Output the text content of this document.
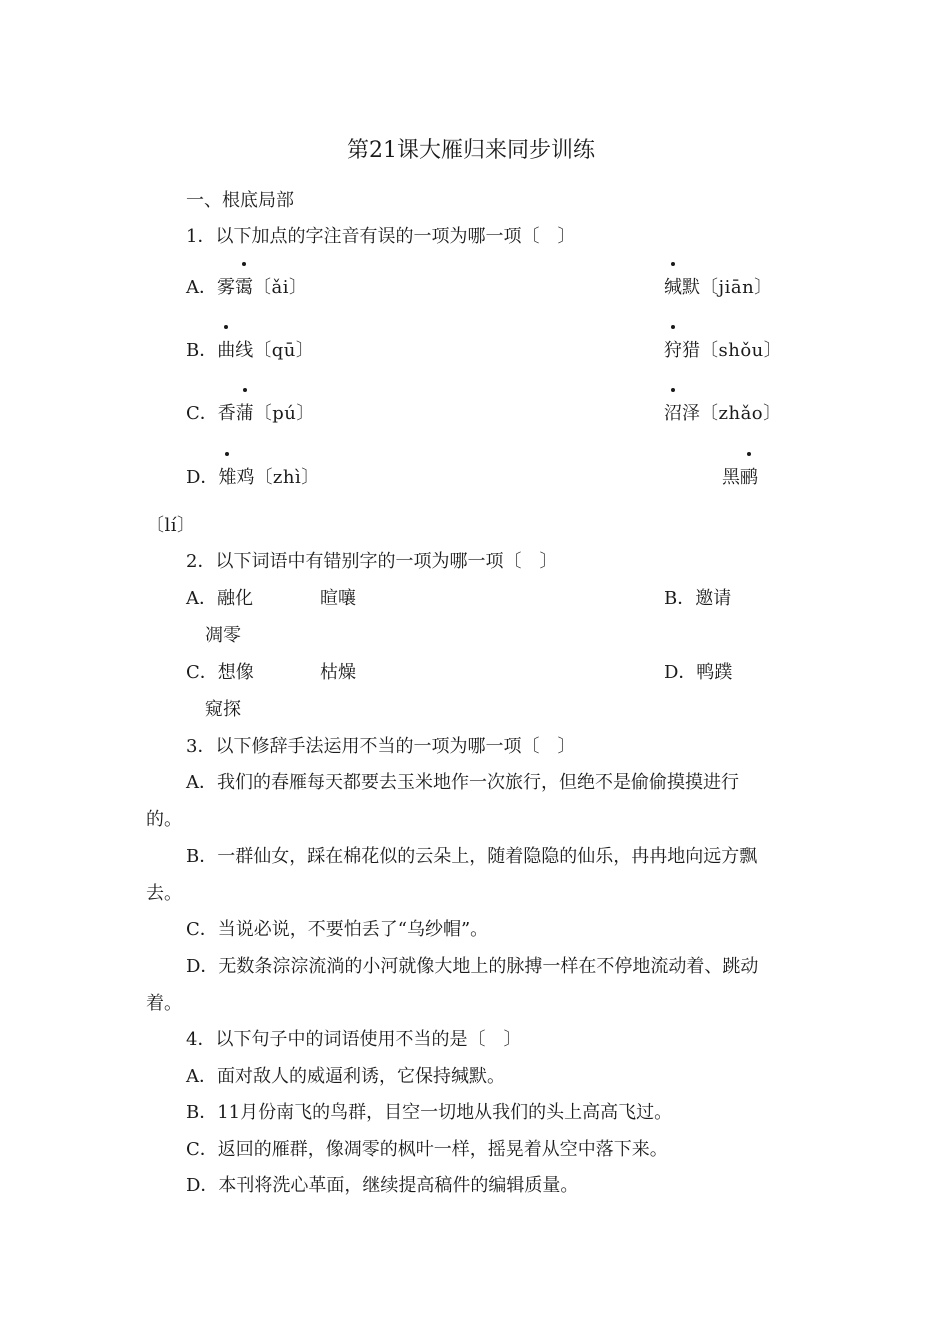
第21课大雁归来同步训练
一、根底局部
1．以下加点的字注音有误的一项为哪一项〔　〕
A．雾霭〔ǎi〕	缄默〔jiān〕
B．曲线〔qū〕	狩猎〔shǒu〕
C．香蒲〔pú〕	沼泽〔zhǎo〕
D．雉鸡〔zhì〕	黑鹂
〔lí〕
2．以下词语中有错别字的一项为哪一项〔　〕
A．融化	暄嚷	B．邀请
凋零
C．想像	枯燥	D．鸭蹼
窥探
3．以下修辞手法运用不当的一项为哪一项〔　〕
A．我们的春雁每天都要去玉米地作一次旅行，但绝不是偷偷摸摸进行
的。
B．一群仙女，踩在棉花似的云朵上，随着隐隐的仙乐，冉冉地向远方飘
去。
C．当说必说，不要怕丢了“乌纱帽”。
D．无数条淙淙流淌的小河就像大地上的脉搏一样在不停地流动着、跳动
着。
4．以下句子中的词语使用不当的是〔　〕
A．面对敌人的威逼利诱，它保持缄默。
B．11月份南飞的鸟群，目空一切地从我们的头上高高飞过。
C．返回的雁群，像凋零的枫叶一样，摇晃着从空中落下来。
D．本刊将洗心革面，继续提高稿件的编辑质量。
